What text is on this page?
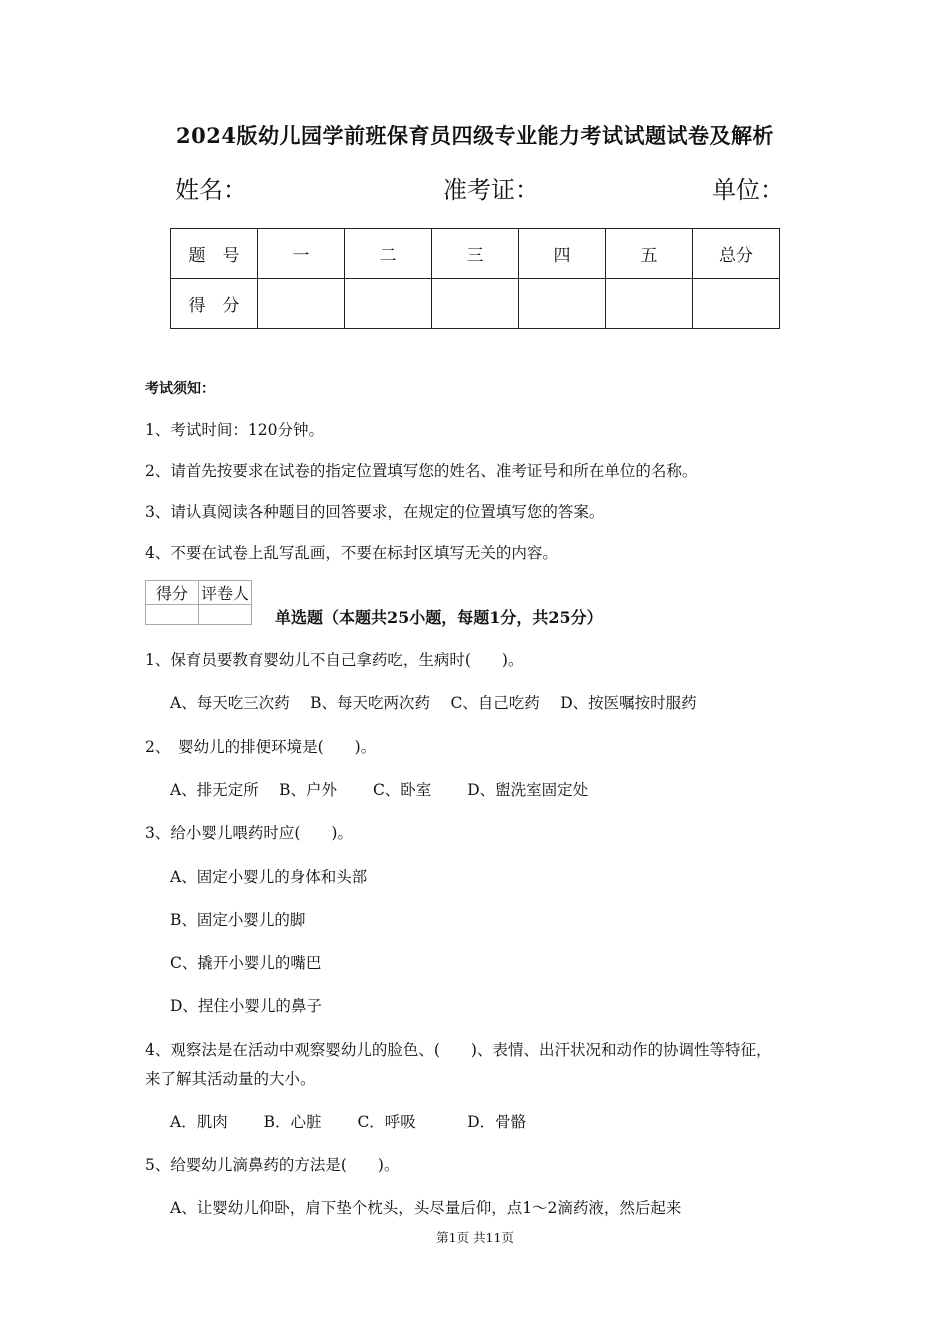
2024版幼儿园学前班保育员四级专业能力考试试题试卷及解析
姓名：	准考证：	单位：
题　号	一	二	三	四	五	总分
得　分						
考试须知：
1、考试时间：120分钟。
2、请首先按要求在试卷的指定位置填写您的姓名、准考证号和所在单位的名称。
3、请认真阅读各种题目的回答要求，在规定的位置填写您的答案。
4、不要在试卷上乱写乱画，不要在标封区填写无关的内容。
得分	评卷人

单选题（本题共25小题，每题1分，共25分）
1、保育员要教育婴幼儿不自己拿药吃，生病时(　　)。
A、每天吃三次药　 B、每天吃两次药　 C、自己吃药　 D、按医嘱按时服药
2、　婴幼儿的排便环境是(　　)。
A、排无定所　 B、户外　　 C、卧室　　 D、盥洗室固定处
3、给小婴儿喂药时应(　　)。
A、固定小婴儿的身体和头部
B、固定小婴儿的脚
C、撬开小婴儿的嘴巴
D、捏住小婴儿的鼻子
4、观察法是在活动中观察婴幼儿的脸色、(　　)、表情、出汗状况和动作的协调性等特征，
来了解其活动量的大小。
A．肌肉　　 B．心脏　　 C．呼吸　　　 D．骨骼
5、给婴幼儿滴鼻药的方法是(　　)。
A、让婴幼儿仰卧，肩下垫个枕头，头尽量后仰，点1～2滴药液，然后起来
第1页 共11页
